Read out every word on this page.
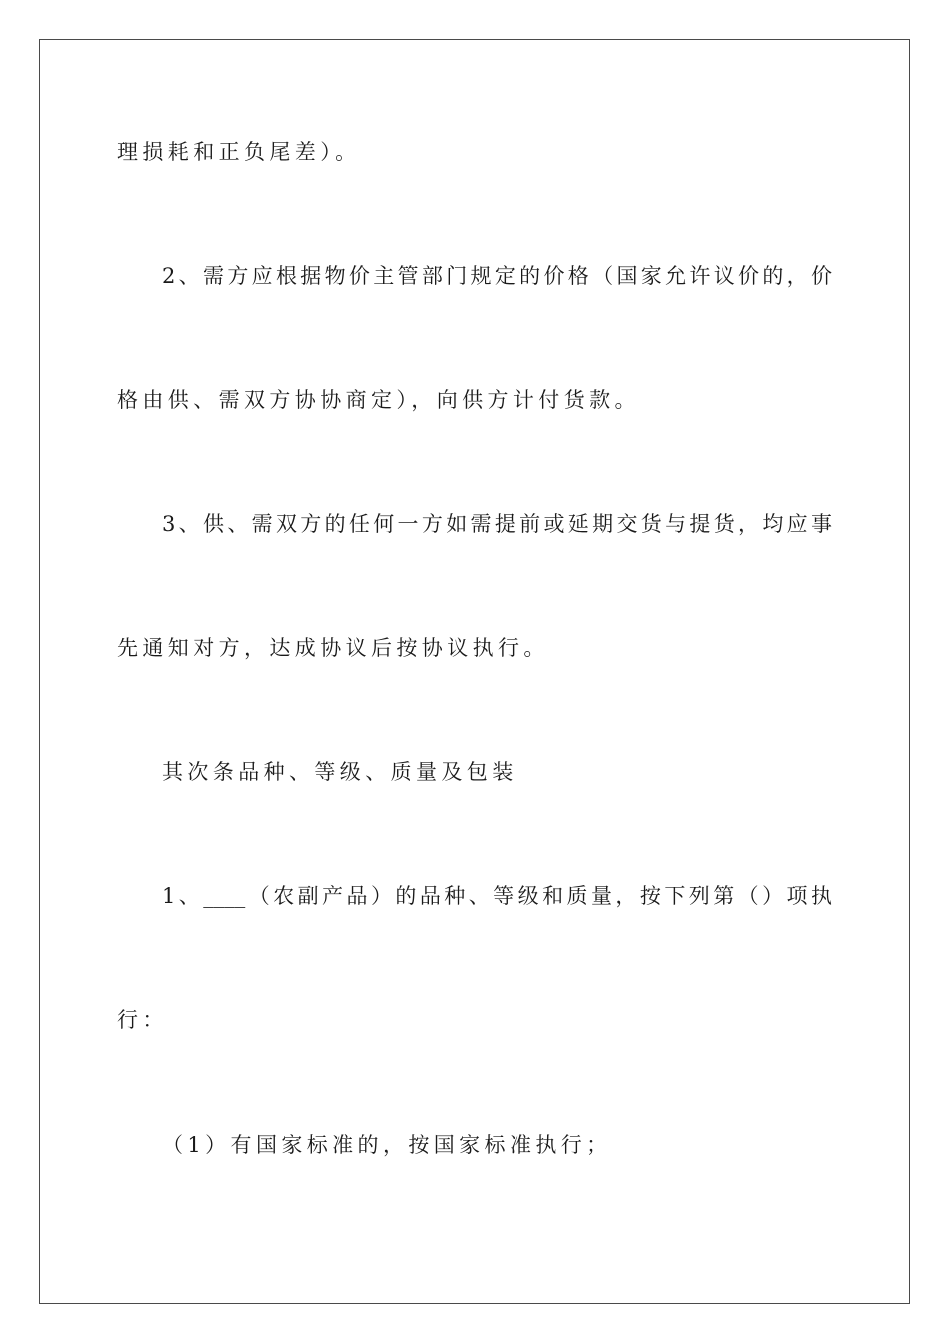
理损耗和正负尾差）。
2、需方应根据物价主管部门规定的价格（国家允许议价的，价
格由供、需双方协协商定），向供方计付货款。
3、供、需双方的任何一方如需提前或延期交货与提货，均应事
先通知对方，达成协议后按协议执行。
其次条品种、等级、质量及包装
1、____（农副产品）的品种、等级和质量，按下列第（）项执
行：
（1）有国家标准的，按国家标准执行；
